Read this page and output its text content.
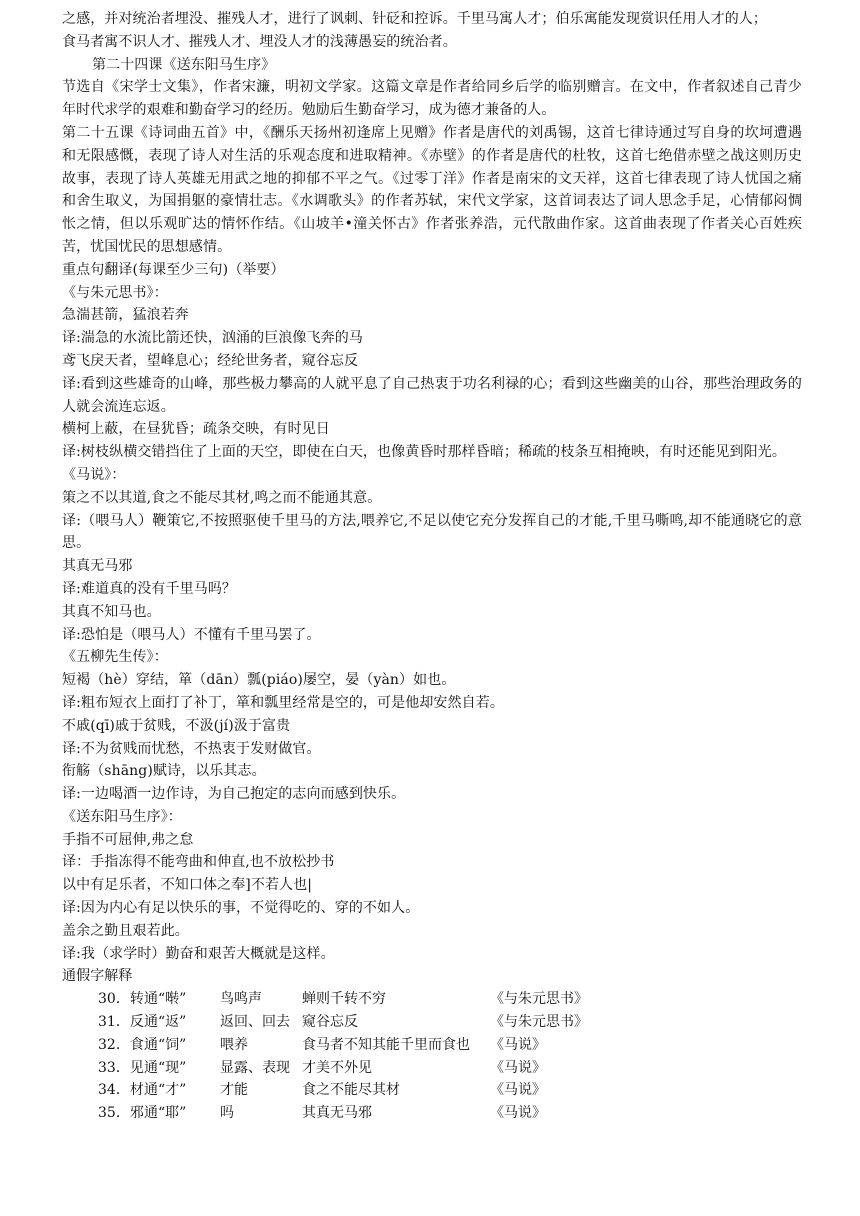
之感，并对统治者埋没、摧残人才，进行了讽刺、针砭和控诉。千里马寓人才；伯乐寓能发现赏识任用人才的人；
食马者寓不识人才、摧残人才、埋没人才的浅薄愚妄的统治者。
第二十四课《送东阳马生序》
节选自《宋学士文集》，作者宋濂，明初文学家。这篇文章是作者给同乡后学的临别赠言。在文中，作者叙述自己青少年时代求学的艰难和勤奋学习的经历。勉励后生勤奋学习，成为德才兼备的人。
第二十五课《诗词曲五首》中，《酬乐天扬州初逢席上见赠》作者是唐代的刘禹锡，这首七律诗通过写自身的坎坷遭遇和无限感慨，表现了诗人对生活的乐观态度和进取精神。《赤壁》的作者是唐代的杜牧，这首七绝借赤壁之战这则历史故事，表现了诗人英雄无用武之地的抑郁不平之气。《过零丁洋》作者是南宋的文天祥，这首七律表现了诗人忧国之痛和舍生取义，为国捐躯的豪情壮志。《水调歌头》的作者苏轼，宋代文学家，这首词表达了词人思念手足，心情郁闷惆怅之情，但以乐观旷达的情怀作结。《山坡羊•潼关怀古》作者张养浩，元代散曲作家。这首曲表现了作者关心百姓疾苦，忧国忧民的思想感情。
重点句翻译(每课至少三句)（举要）
《与朱元思书》：
急湍甚箭，猛浪若奔
译:湍急的水流比箭还快，汹涌的巨浪像飞奔的马
鸢飞戾天者，望峰息心；经纶世务者，窥谷忘反
译:看到这些雄奇的山峰，那些极力攀高的人就平息了自己热衷于功名利禄的心；看到这些幽美的山谷，那些治理政务的人就会流连忘返。
横柯上蔽，在昼犹昏；疏条交映，有时见日
译:树枝纵横交错挡住了上面的天空，即使在白天，也像黄昏时那样昏暗；稀疏的枝条互相掩映，有时还能见到阳光。
《马说》：
策之不以其道,食之不能尽其材,鸣之而不能通其意。
译:（喂马人）鞭策它,不按照驱使千里马的方法,喂养它,不足以使它充分发挥自己的才能,千里马嘶鸣,却不能通晓它的意思。
其真无马邪
译:难道真的没有千里马吗？
其真不知马也。
译:恐怕是（喂马人）不懂有千里马罢了。
《五柳先生传》：
短褐（hè）穿结，箪（dān）瓢(piáo)屡空，晏（yàn）如也。
译:粗布短衣上面打了补丁，箪和瓢里经常是空的，可是他却安然自若。
不戚(qī)戚于贫贱，不汲(jí)汲于富贵
译:不为贫贱而忧愁，不热衷于发财做官。
衔觞（shāng)赋诗，以乐其志。
译:一边喝酒一边作诗，为自己抱定的志向而感到快乐。
《送东阳马生序》：
手指不可屈伸,弗之怠
译：手指冻得不能弯曲和伸直,也不放松抄书
以中有足乐者，不知口体之奉]不若人也|
译:因为内心有足以快乐的事，不觉得吃的、穿的不如人。
盖余之勤且艰若此。
译:我（求学时）勤奋和艰苦大概就是这样。
通假字解释
30．转	通“啭”	鸟鸣声	蝉则千转不穷	《与朱元思书》
31．反	通“返”	返回、回去	窥谷忘反	《与朱元思书》
32．食	通“饲”	喂养	食马者不知其能千里而食也	《马说》
33．见	通“现”	显露、表现	才美不外见	《马说》
34．材	通“才”	才能	食之不能尽其材	《马说》
35．邪	通“耶”	吗	其真无马邪	《马说》
